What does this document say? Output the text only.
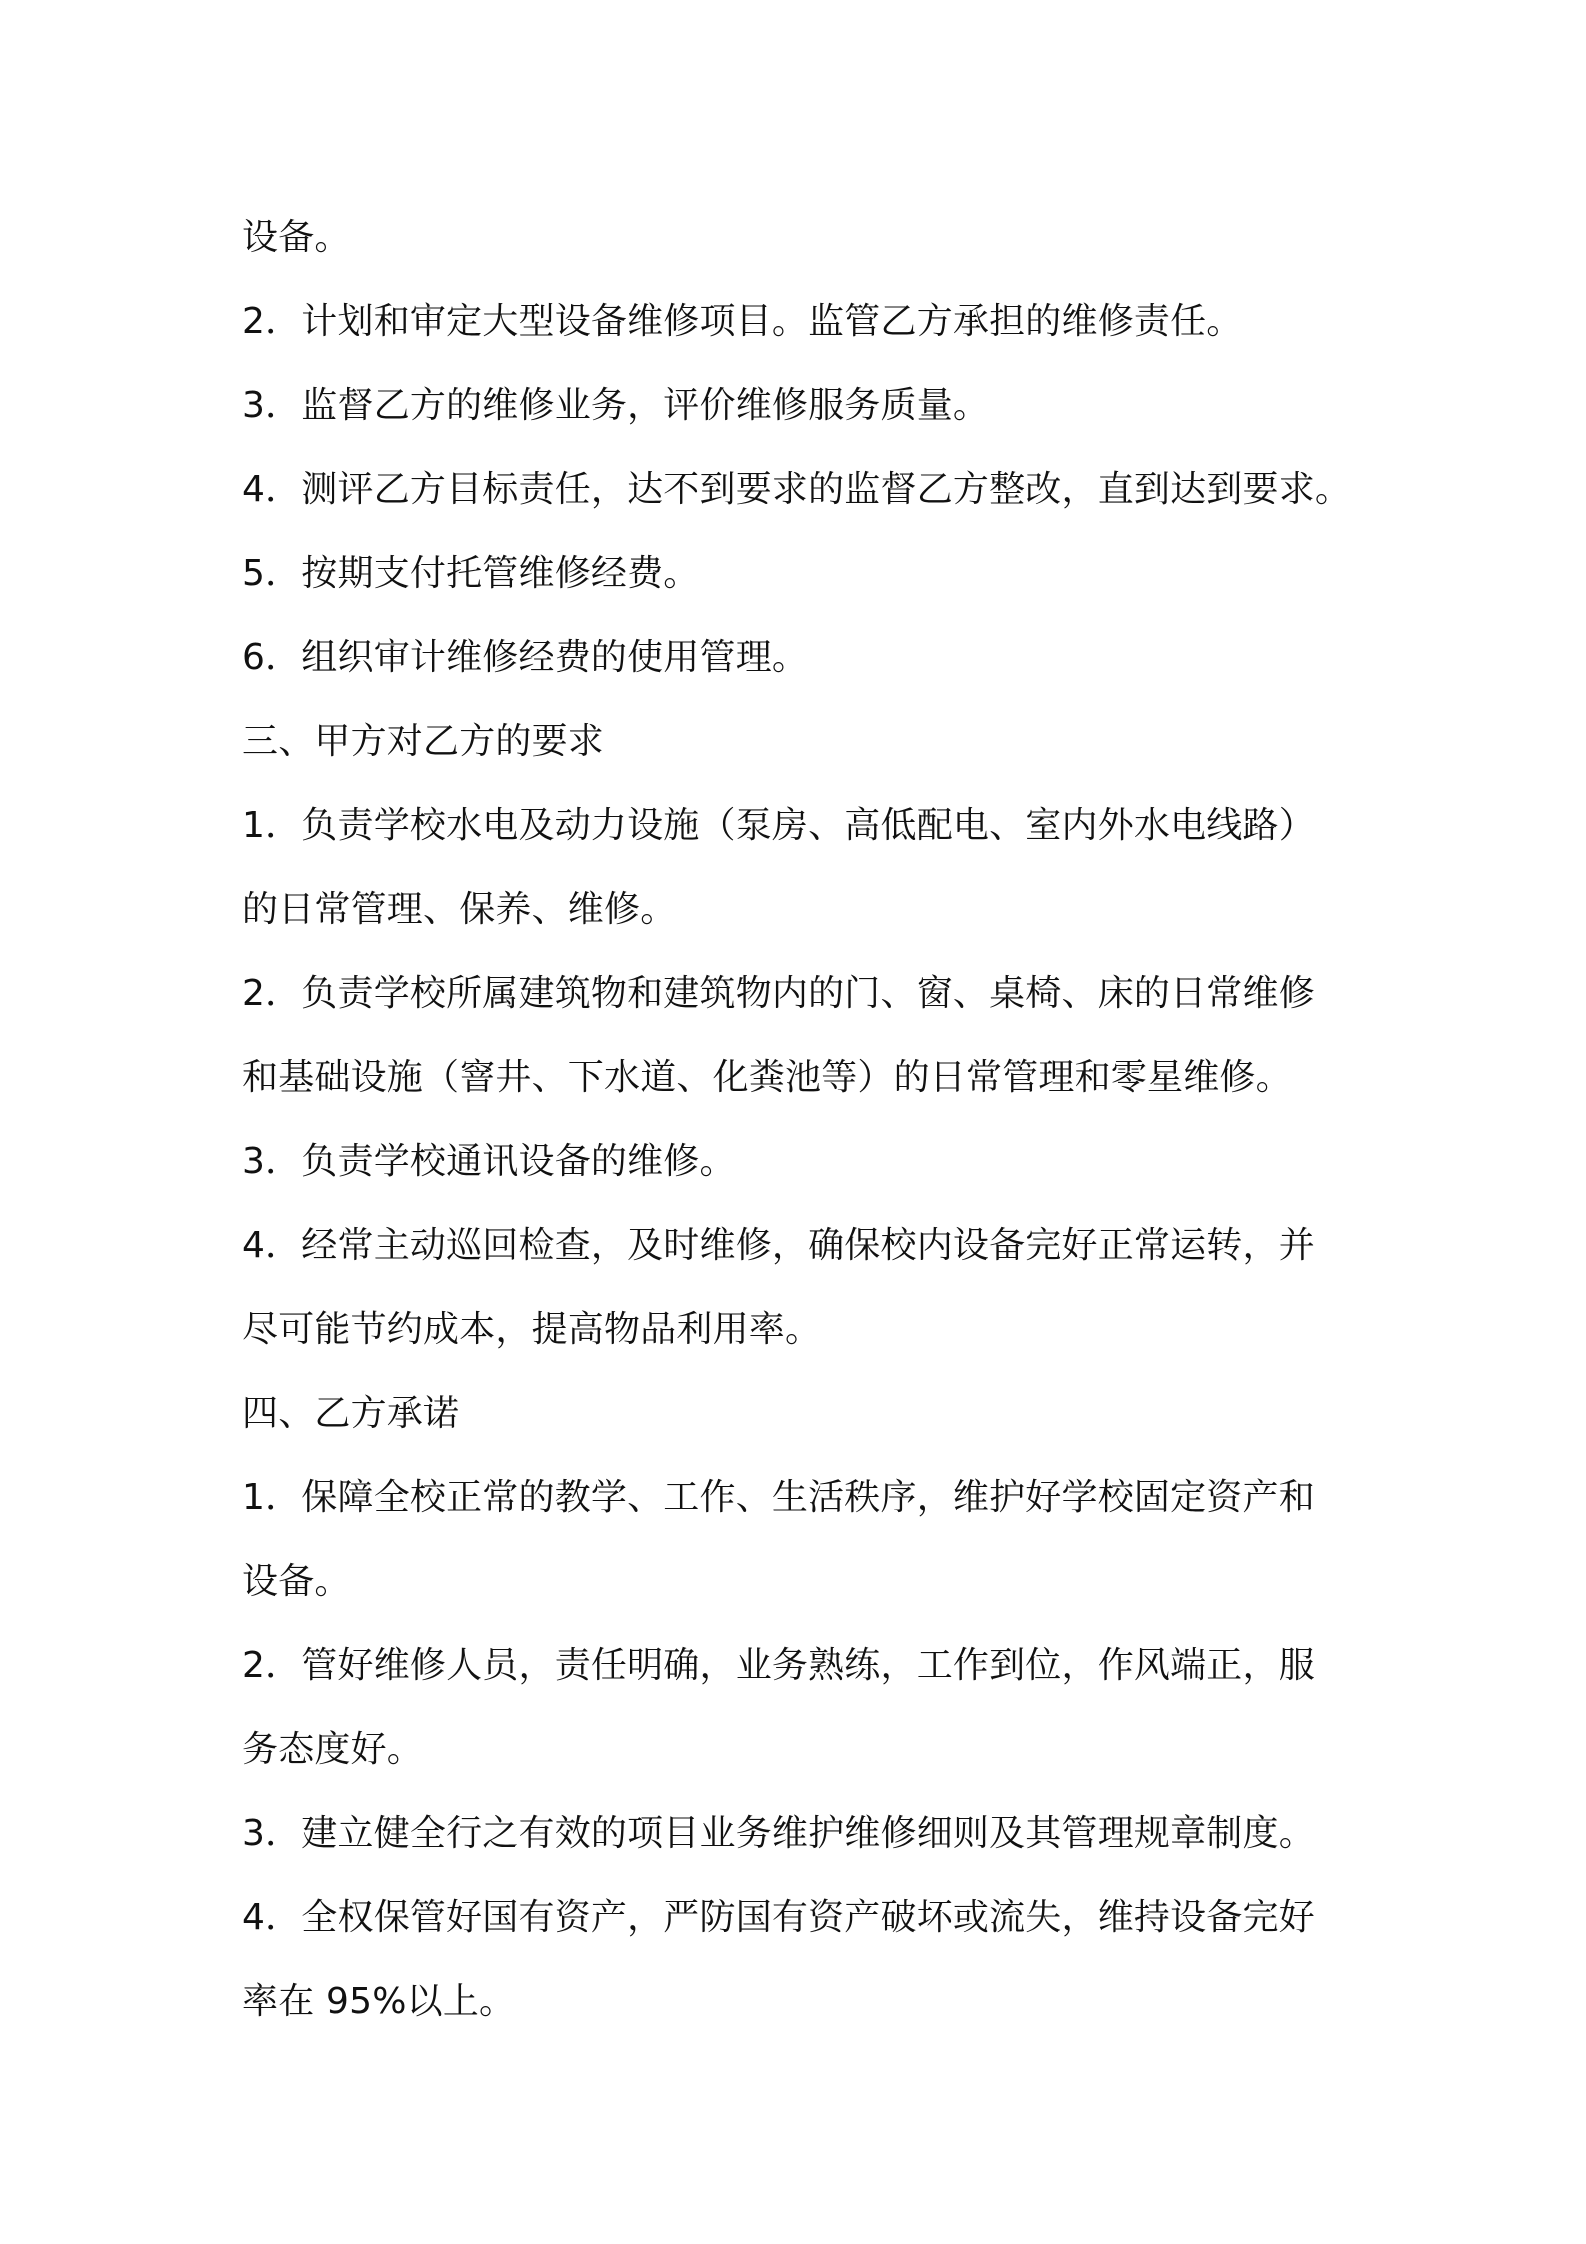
设备。

2．计划和审定大型设备维修项目。监管乙方承担的维修责任。

3．监督乙方的维修业务，评价维修服务质量。

4．测评乙方目标责任，达不到要求的监督乙方整改，直到达到要求。

5．按期支付托管维修经费。

6．组织审计维修经费的使用管理。

三、甲方对乙方的要求

1．负责学校水电及动力设施（泵房、高低配电、室内外水电线路）

的日常管理、保养、维修。

2．负责学校所属建筑物和建筑物内的门、窗、桌椅、床的日常维修

和基础设施（窨井、下水道、化粪池等）的日常管理和零星维修。

3．负责学校通讯设备的维修。

4．经常主动巡回检查，及时维修，确保校内设备完好正常运转，并

尽可能节约成本，提高物品利用率。

四、乙方承诺

1．保障全校正常的教学、工作、生活秩序，维护好学校固定资产和

设备。

2．管好维修人员，责任明确，业务熟练，工作到位，作风端正，服

务态度好。

3．建立健全行之有效的项目业务维护维修细则及其管理规章制度。

4．全权保管好国有资产，严防国有资产破坏或流失，维持设备完好

率在 95%以上。
